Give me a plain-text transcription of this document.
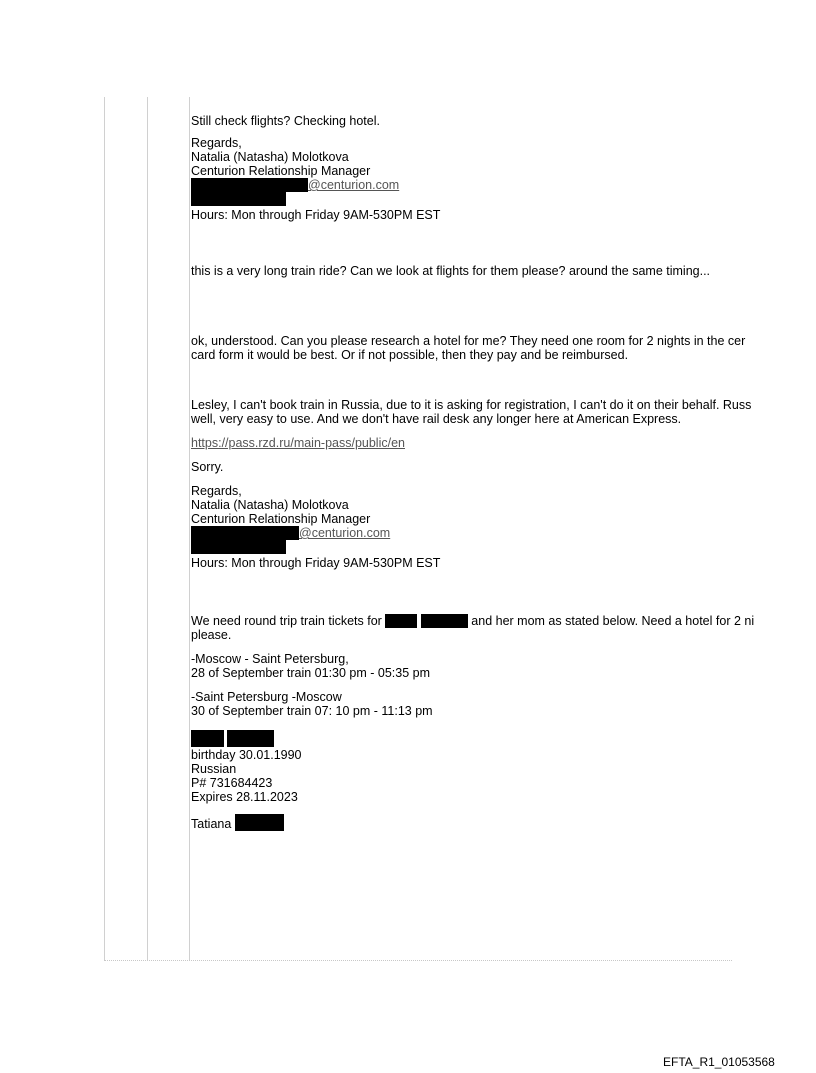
Still check flights? Checking hotel.
Regards,
Natalia (Natasha) Molotkova
Centurion Relationship Manager
@centurion.com
Hours: Mon through Friday 9AM-530PM EST
this is a very long train ride? Can we look at flights for them please? around the same timing...
ok, understood. Can you please research a hotel for me? They need one room for 2 nights in the cer
card form it would be best. Or if not possible, then they pay and be reimbursed.
Lesley, I can't book train in Russia, due to it is asking for registration, I can't do it on their behalf. Russ
well, very easy to use. And we don't have rail desk any longer here at American Express.
https://pass.rzd.ru/main-pass/public/en
Sorry.
Regards,
Natalia (Natasha) Molotkova
Centurion Relationship Manager
@centurion.com
Hours: Mon through Friday 9AM-530PM EST
We need round trip train tickets for	and her mom as stated below. Need a hotel for 2 ni
please.
-Moscow - Saint Petersburg,
28 of September train 01:30 pm - 05:35 pm
-Saint Petersburg -Moscow
30 of September train 07: 10 pm - 11:13 pm

birthday 30.01.1990
Russian
P# 731684423
Expires 28.11.2023
Tatiana
EFTA_R1_01053568
